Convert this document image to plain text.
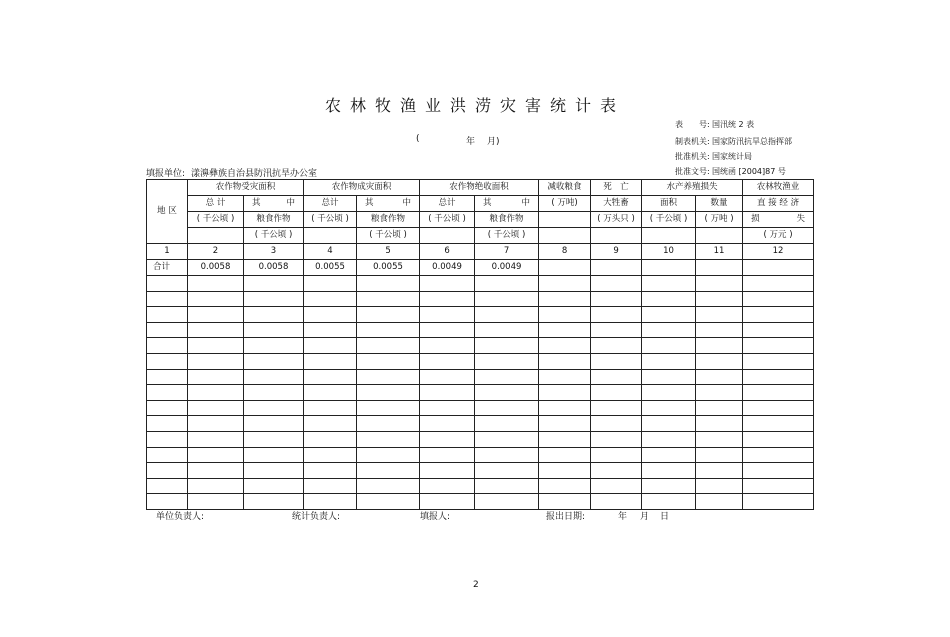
农林牧渔业洪涝灾害统计表
(	年 月)
表　　号: 国汛统 2 表
制表机关: 国家防汛抗旱总指挥部
批准机关: 国家统计局
批准文号: 国统函 [2004]87 号
填报单位: 漾濞彝族自治县防汛抗旱办公室
地 区	农作物受灾面积		农作物成灾面积		农作物绝收面积		减收粮食	死　亡	水产养殖损失		农林牧渔业
	总 计	其 中	总计	其 中	总计	其 中	( 万吨)	大牲畜	面积	数量	直 接 经 济
	( 千公顷 )	粮食作物	( 千公顷 )	粮食作物	( 千公顷 )	粮食作物		( 万头只 )	( 千公顷 )	( 万吨 )	损 失

		( 千公顷 )		( 千公顷 )		( 千公顷 )					( 万元 )
1	2	3	4	5	6	7	8	9	10	11	12
合计	0.0058	0.0058	0.0055	0.0055	0.0049	0.0049					

单位负责人:	统计负责人:	填报人:	报出日期:	年 月 日
2
